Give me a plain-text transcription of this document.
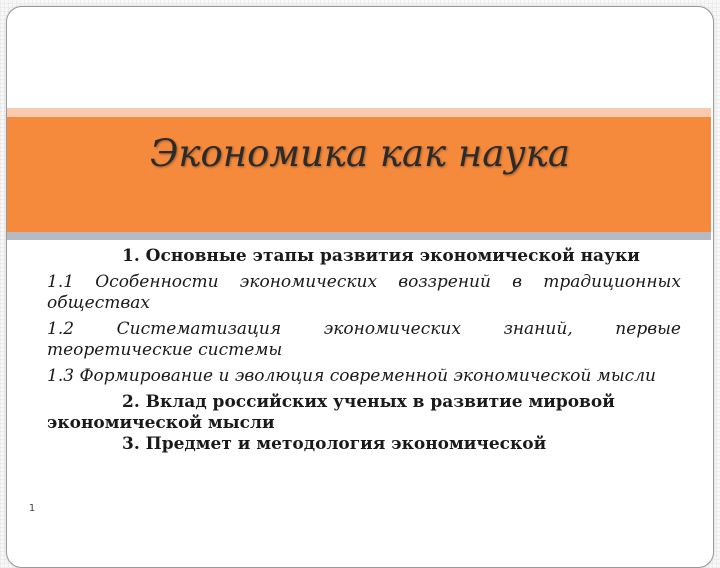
Экономика как наука

1. Основные этапы развития экономической науки

1.1 Особенности экономических воззрений в традиционных обществах

1.2 Систематизация экономических знаний, первые теоретические системы

1.3 Формирование и эволюция современной экономической мысли

2. Вклад российских ученых в развитие мировой экономической мысли

3. Предмет и методология экономической

1
